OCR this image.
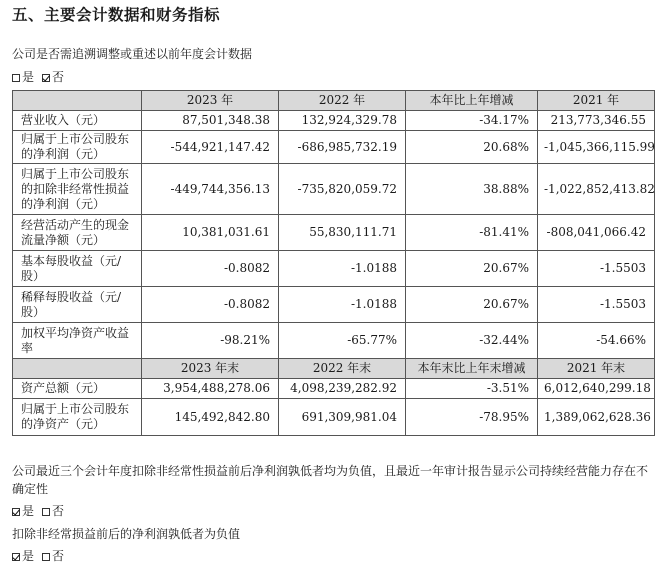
五、主要会计数据和财务指标
公司是否需追溯调整或重述以前年度会计数据
是 否
	2023 年	2022 年	本年比上年增减	2021 年
营业收入（元）	87,501,348.38	132,924,329.78	-34.17%	213,773,346.55
归属于上市公司股东的净利润（元）	-544,921,147.42	-686,985,732.19	20.68%	-1,045,366,115.99
归属于上市公司股东的扣除非经常性损益的净利润（元）	-449,744,356.13	-735,820,059.72	38.88%	-1,022,852,413.82
经营活动产生的现金流量净额（元）	10,381,031.61	55,830,111.71	-81.41%	-808,041,066.42
基本每股收益（元/股）	-0.8082	-1.0188	20.67%	-1.5503
稀释每股收益（元/股）	-0.8082	-1.0188	20.67%	-1.5503
加权平均净资产收益率	-98.21%	-65.77%	-32.44%	-54.66%
	2023 年末	2022 年末	本年末比上年末增减	2021 年末
资产总额（元）	3,954,488,278.06	4,098,239,282.92	-3.51%	6,012,640,299.18
归属于上市公司股东的净资产（元）	145,492,842.80	691,309,981.04	-78.95%	1,389,062,628.36
公司最近三个会计年度扣除非经常性损益前后净利润孰低者均为负值，且最近一年审计报告显示公司持续经营能力存在不确定性
是 否
扣除非经常损益前后的净利润孰低者为负值
是 否
